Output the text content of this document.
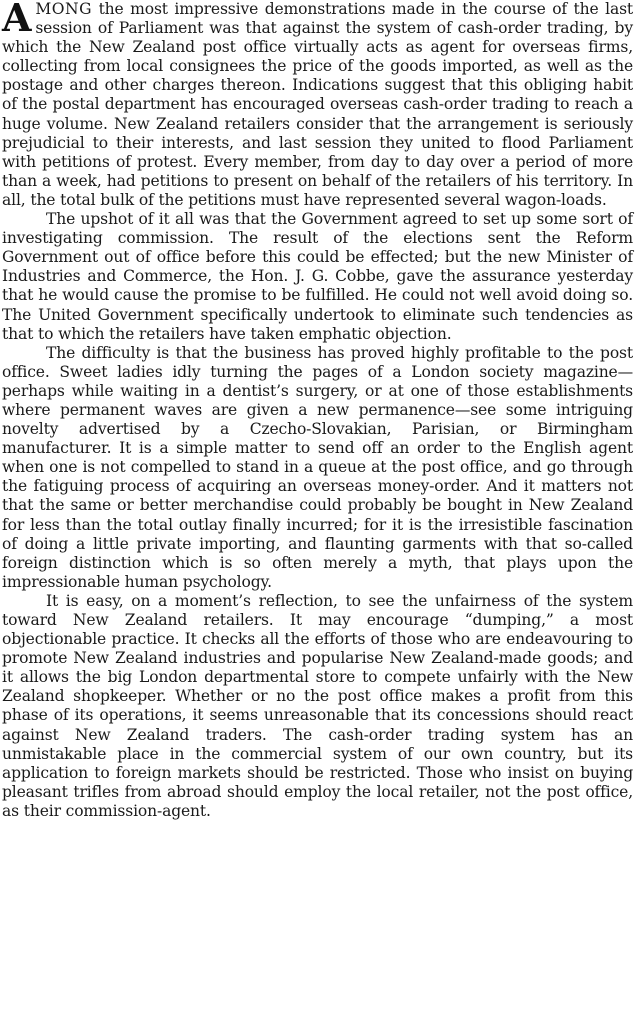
AMONG the most impressive demonstrations made in the course of the last session of Parliament was that against the system of cash-order trading, by which the New Zealand post office virtually acts as agent for overseas firms, collecting from local consignees the price of the goods imported, as well as the postage and other charges thereon. Indications suggest that this obliging habit of the postal department has encouraged overseas cash-order trading to reach a huge volume. New Zealand retailers consider that the arrangement is seriously prejudicial to their interests, and last session they united to flood Parliament with petitions of protest. Every member, from day to day over a period of more than a week, had petitions to present on behalf of the retailers of his territory. In all, the total bulk of the petitions must have represented several wagon-loads.

The upshot of it all was that the Government agreed to set up some sort of investigating commission. The result of the elections sent the Reform Government out of office before this could be effected; but the new Minister of Industries and Commerce, the Hon. J. G. Cobbe, gave the assurance yesterday that he would cause the promise to be fulfilled. He could not well avoid doing so. The United Government specifically undertook to eliminate such tendencies as that to which the retailers have taken emphatic objection.

The difficulty is that the business has proved highly profitable to the post office. Sweet ladies idly turning the pages of a London society magazine—perhaps while waiting in a dentist’s surgery, or at one of those establishments where permanent waves are given a new permanence—see some intriguing novelty advertised by a Czecho-Slovakian, Parisian, or Birmingham manufacturer. It is a simple matter to send off an order to the English agent when one is not compelled to stand in a queue at the post office, and go through the fatiguing process of acquiring an overseas money-order. And it matters not that the same or better merchandise could probably be bought in New Zealand for less than the total outlay finally incurred; for it is the irresistible fascination of doing a little private importing, and flaunting garments with that so-called foreign distinction which is so often merely a myth, that plays upon the impressionable human psychology.

It is easy, on a moment’s reflection, to see the unfairness of the system toward New Zealand retailers. It may encourage “dumping,” a most objectionable practice. It checks all the efforts of those who are endeavouring to promote New Zealand industries and popularise New Zealand-made goods; and it allows the big London departmental store to compete unfairly with the New Zealand shopkeeper. Whether or no the post office makes a profit from this phase of its operations, it seems unreasonable that its concessions should react against New Zealand traders. The cash-order trading system has an unmistakable place in the commercial system of our own country, but its application to foreign markets should be restricted. Those who insist on buying pleasant trifles from abroad should employ the local retailer, not the post office, as their commission-agent.
